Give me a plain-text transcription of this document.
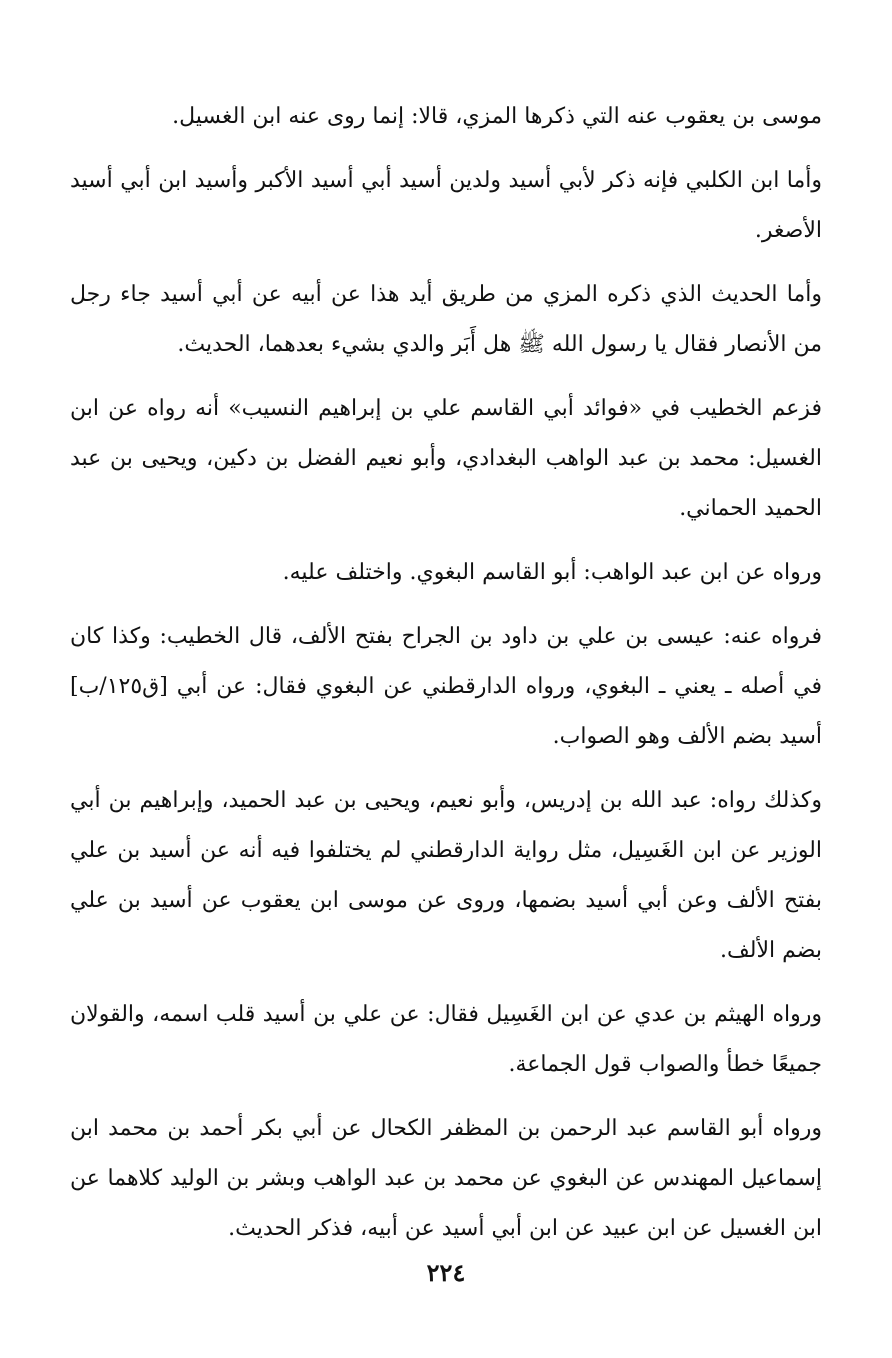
موسى بن يعقوب عنه التي ذكرها المزي، قالا: إنما روى عنه ابن الغسيل.

وأما ابن الكلبي فإنه ذكر لأبي أسيد ولدين أسيد أبي أسيد الأكبر وأسيد ابن أبي أسيد الأصغر.

وأما الحديث الذي ذكره المزي من طريق أيد هذا عن أبيه عن أبي أسيد جاء رجل من الأنصار فقال يا رسول الله ﷺ هل أَبَر والدي بشيء بعدهما، الحديث.

فزعم الخطيب في «فوائد أبي القاسم علي بن إبراهيم النسيب» أنه رواه عن ابن الغسيل: محمد بن عبد الواهب البغدادي، وأبو نعيم الفضل بن دكين، ويحيى بن عبد الحميد الحماني.

ورواه عن ابن عبد الواهب: أبو القاسم البغوي. واختلف عليه.

فرواه عنه: عيسى بن علي بن داود بن الجراح بفتح الألف، قال الخطيب: وكذا كان في أصله ـ يعني ـ البغوي، ورواه الدارقطني عن البغوي فقال: عن أبي [ق١٢٥/ب] أسيد بضم الألف وهو الصواب.

وكذلك رواه: عبد الله بن إدريس، وأبو نعيم، ويحيى بن عبد الحميد، وإبراهيم بن أبي الوزير عن ابن الغَسِيل، مثل رواية الدارقطني لم يختلفوا فيه أنه عن أسيد بن علي بفتح الألف وعن أبي أسيد بضمها، وروى عن موسى ابن يعقوب عن أسيد بن علي بضم الألف.

ورواه الهيثم بن عدي عن ابن الغَسِيل فقال: عن علي بن أسيد قلب اسمه، والقولان جميعًا خطأ والصواب قول الجماعة.

ورواه أبو القاسم عبد الرحمن بن المظفر الكحال عن أبي بكر أحمد بن محمد ابن إسماعيل المهندس عن البغوي عن محمد بن عبد الواهب وبشر بن الوليد كلاهما عن ابن الغسيل عن ابن عبيد عن ابن أبي أسيد عن أبيه، فذكر الحديث.

٢٢٤
